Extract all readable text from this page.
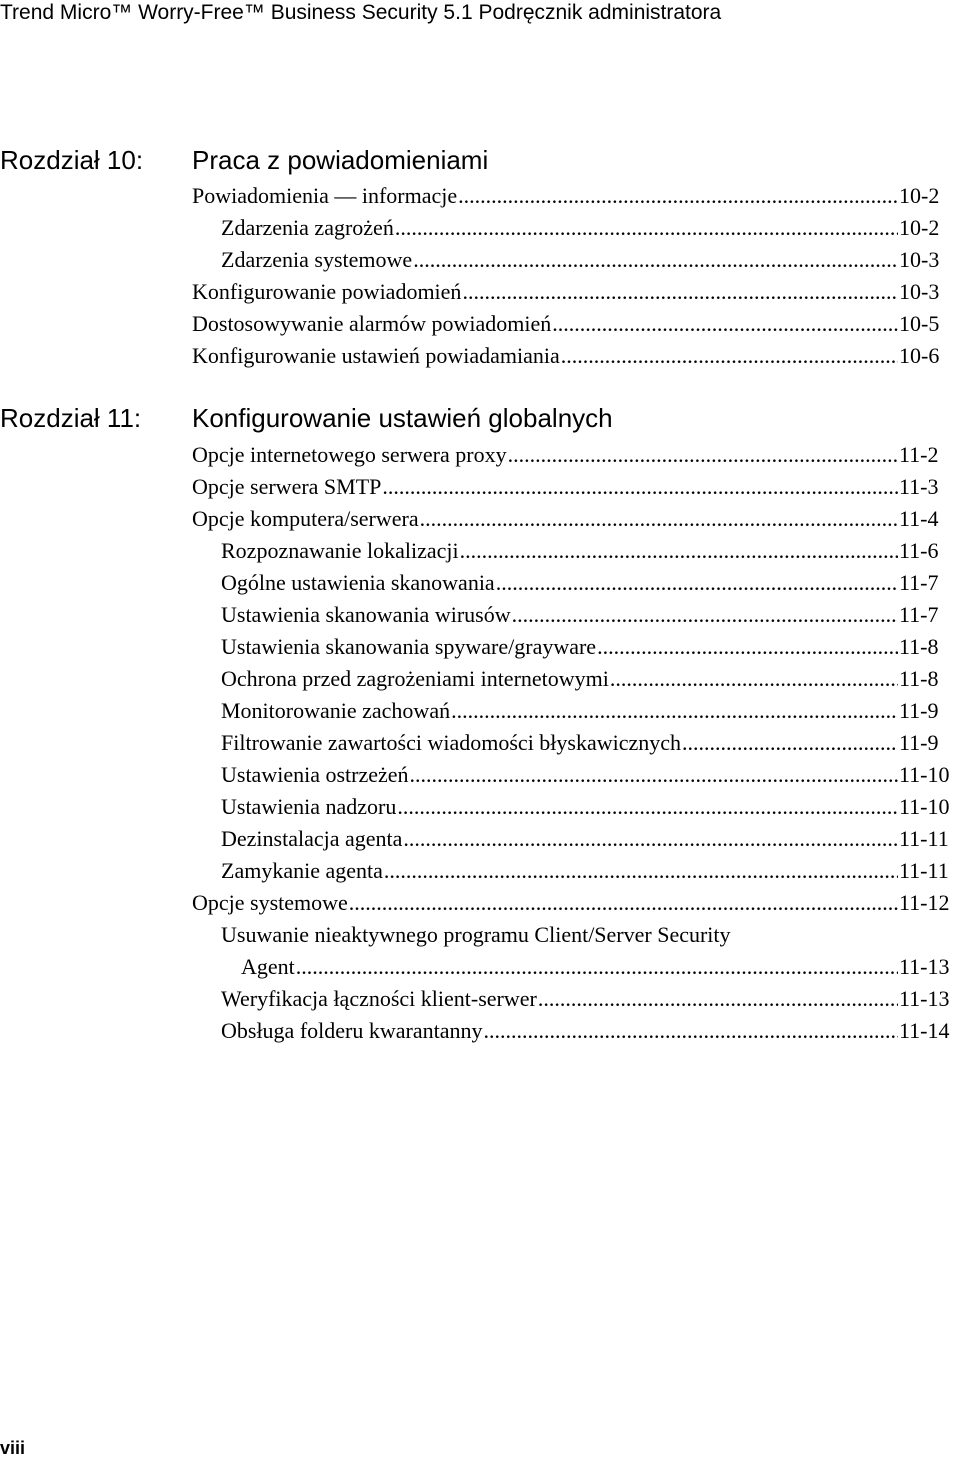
Trend Micro™ Worry-Free™ Business Security 5.1 Podręcznik administratora
Rozdział 10: Praca z powiadomieniami
Powiadomienia — informacje .....	10-2
Zdarzenia zagrożeń .....	10-2
Zdarzenia systemowe .....	10-3
Konfigurowanie powiadomień .....	10-3
Dostosowywanie alarmów powiadomień .....	10-5
Konfigurowanie ustawień powiadamiania .....	10-6
Rozdział 11: Konfigurowanie ustawień globalnych
Opcje internetowego serwera proxy .....	11-2
Opcje serwera SMTP .....	11-3
Opcje komputera/serwera .....	11-4
Rozpoznawanie lokalizacji .....	11-6
Ogólne ustawienia skanowania .....	11-7
Ustawienia skanowania wirusów .....	11-7
Ustawienia skanowania spyware/grayware .....	11-8
Ochrona przed zagrożeniami internetowymi .....	11-8
Monitorowanie zachowań .....	11-9
Filtrowanie zawartości wiadomości błyskawicznych .....	11-9
Ustawienia ostrzeżeń .....	11-10
Ustawienia nadzoru .....	11-10
Dezinstalacja agenta .....	11-11
Zamykanie agenta .....	11-11
Opcje systemowe .....	11-12
Usuwanie nieaktywnego programu Client/Server Security
Agent .....	11-13
Weryfikacja łączności klient-serwer .....	11-13
Obsługa folderu kwarantanny .....	11-14
viii
